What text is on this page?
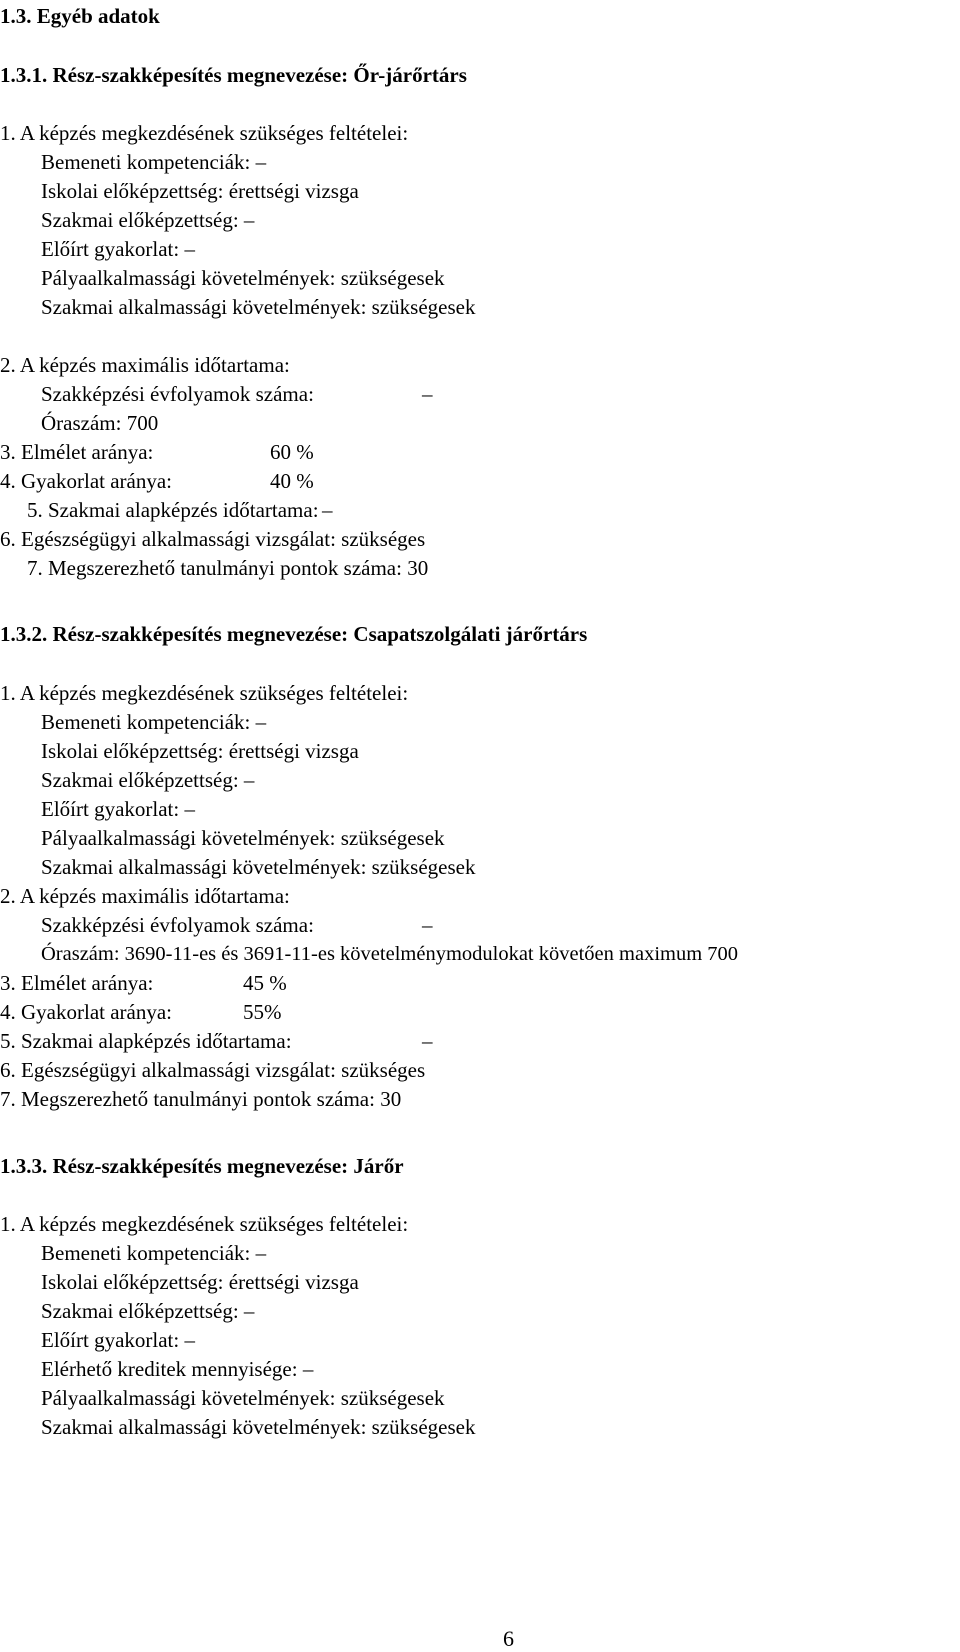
1.3. Egyéb adatok
1.3.1. Rész-szakképesítés megnevezése: Őr-járőrtárs
1. A képzés megkezdésének szükséges feltételei:
Bemeneti kompetenciák: –
Iskolai előképzettség: érettségi vizsga
Szakmai előképzettség: –
Előírt gyakorlat: –
Pályaalkalmassági követelmények: szükségesek
Szakmai alkalmassági követelmények: szükségesek
2. A képzés maximális időtartama:
Szakképzési évfolyamok száma:	–
Óraszám: 700
3. Elmélet aránya:	60 %
4. Gyakorlat aránya:	40 %
5. Szakmai alapképzés időtartama: –
6. Egészségügyi alkalmassági vizsgálat: szükséges
7. Megszerezhető tanulmányi pontok száma: 30
1.3.2. Rész-szakképesítés megnevezése: Csapatszolgálati járőrtárs
1. A képzés megkezdésének szükséges feltételei:
Bemeneti kompetenciák: –
Iskolai előképzettség: érettségi vizsga
Szakmai előképzettség: –
Előírt gyakorlat: –
Pályaalkalmassági követelmények: szükségesek
Szakmai alkalmassági követelmények: szükségesek
2. A képzés maximális időtartama:
Szakképzési évfolyamok száma:	–
Óraszám: 3690-11-es és 3691-11-es követelménymodulokat követően maximum 700
3. Elmélet aránya:	45 %
4. Gyakorlat aránya:	55%
5. Szakmai alapképzés időtartama:	–
6. Egészségügyi alkalmassági vizsgálat: szükséges
7. Megszerezhető tanulmányi pontok száma: 30
1.3.3. Rész-szakképesítés megnevezése: Járőr
1. A képzés megkezdésének szükséges feltételei:
Bemeneti kompetenciák: –
Iskolai előképzettség: érettségi vizsga
Szakmai előképzettség: –
Előírt gyakorlat: –
Elérhető kreditek mennyisége: –
Pályaalkalmassági követelmények: szükségesek
Szakmai alkalmassági követelmények: szükségesek
6
